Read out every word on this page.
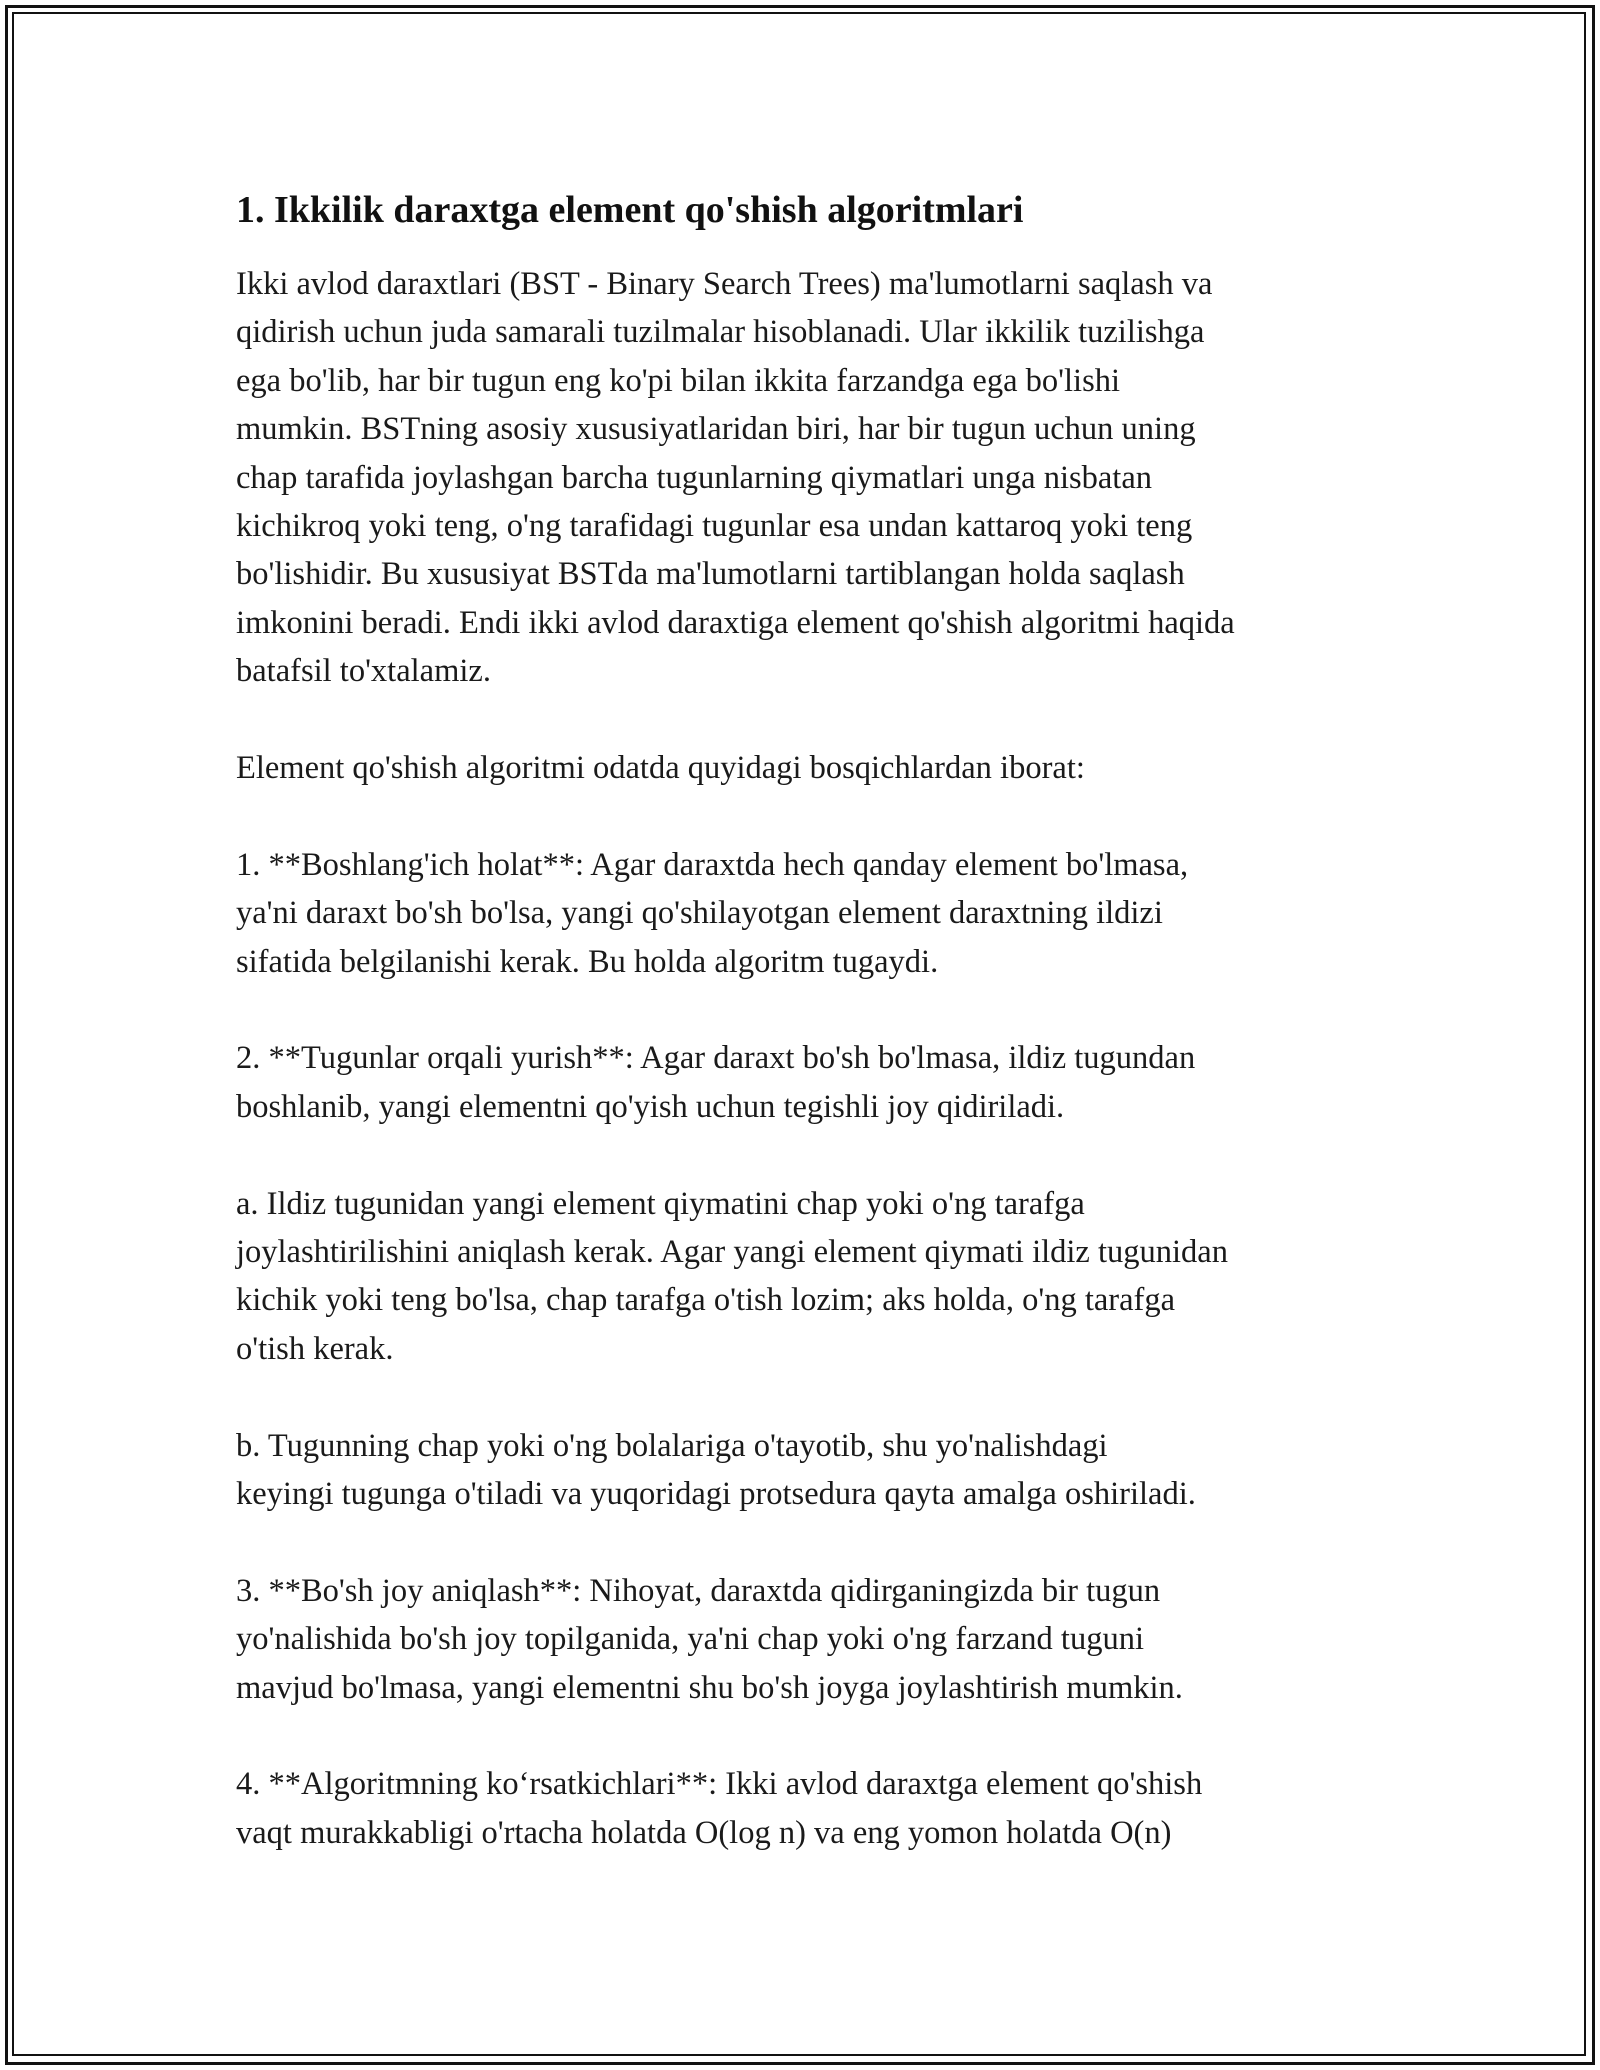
1. Ikkilik daraxtga element qo'shish algoritmlari

Ikki avlod daraxtlari (BST - Binary Search Trees) ma'lumotlarni saqlash va
qidirish uchun juda samarali tuzilmalar hisoblanadi. Ular ikkilik tuzilishga
ega bo'lib, har bir tugun eng ko'pi bilan ikkita farzandga ega bo'lishi
mumkin. BSTning asosiy xususiyatlaridan biri, har bir tugun uchun uning
chap tarafida joylashgan barcha tugunlarning qiymatlari unga nisbatan
kichikroq yoki teng, o'ng tarafidagi tugunlar esa undan kattaroq yoki teng
bo'lishidir. Bu xususiyat BSTda ma'lumotlarni tartiblangan holda saqlash
imkonini beradi. Endi ikki avlod daraxtiga element qo'shish algoritmi haqida
batafsil to'xtalamiz.

Element qo'shish algoritmi odatda quyidagi bosqichlardan iborat:

1. **Boshlang'ich holat**: Agar daraxtda hech qanday element bo'lmasa,
ya'ni daraxt bo'sh bo'lsa, yangi qo'shilayotgan element daraxtning ildizi
sifatida belgilanishi kerak. Bu holda algoritm tugaydi.

2. **Tugunlar orqali yurish**: Agar daraxt bo'sh bo'lmasa, ildiz tugundan
boshlanib, yangi elementni qo'yish uchun tegishli joy qidiriladi.

a. Ildiz tugunidan yangi element qiymatini chap yoki o'ng tarafga
joylashtirilishini aniqlash kerak. Agar yangi element qiymati ildiz tugunidan
kichik yoki teng bo'lsa, chap tarafga o'tish lozim; aks holda, o'ng tarafga
o'tish kerak.

b. Tugunning chap yoki o'ng bolalariga o'tayotib, shu yo'nalishdagi
keyingi tugunga o'tiladi va yuqoridagi protsedura qayta amalga oshiriladi.

3. **Bo'sh joy aniqlash**: Nihoyat, daraxtda qidirganingizda bir tugun
yo'nalishida bo'sh joy topilganida, ya'ni chap yoki o'ng farzand tuguni
mavjud bo'lmasa, yangi elementni shu bo'sh joyga joylashtirish mumkin.

4. **Algoritmning ko‘rsatkichlari**: Ikki avlod daraxtga element qo'shish
vaqt murakkabligi o'rtacha holatda O(log n) va eng yomon holatda O(n)
